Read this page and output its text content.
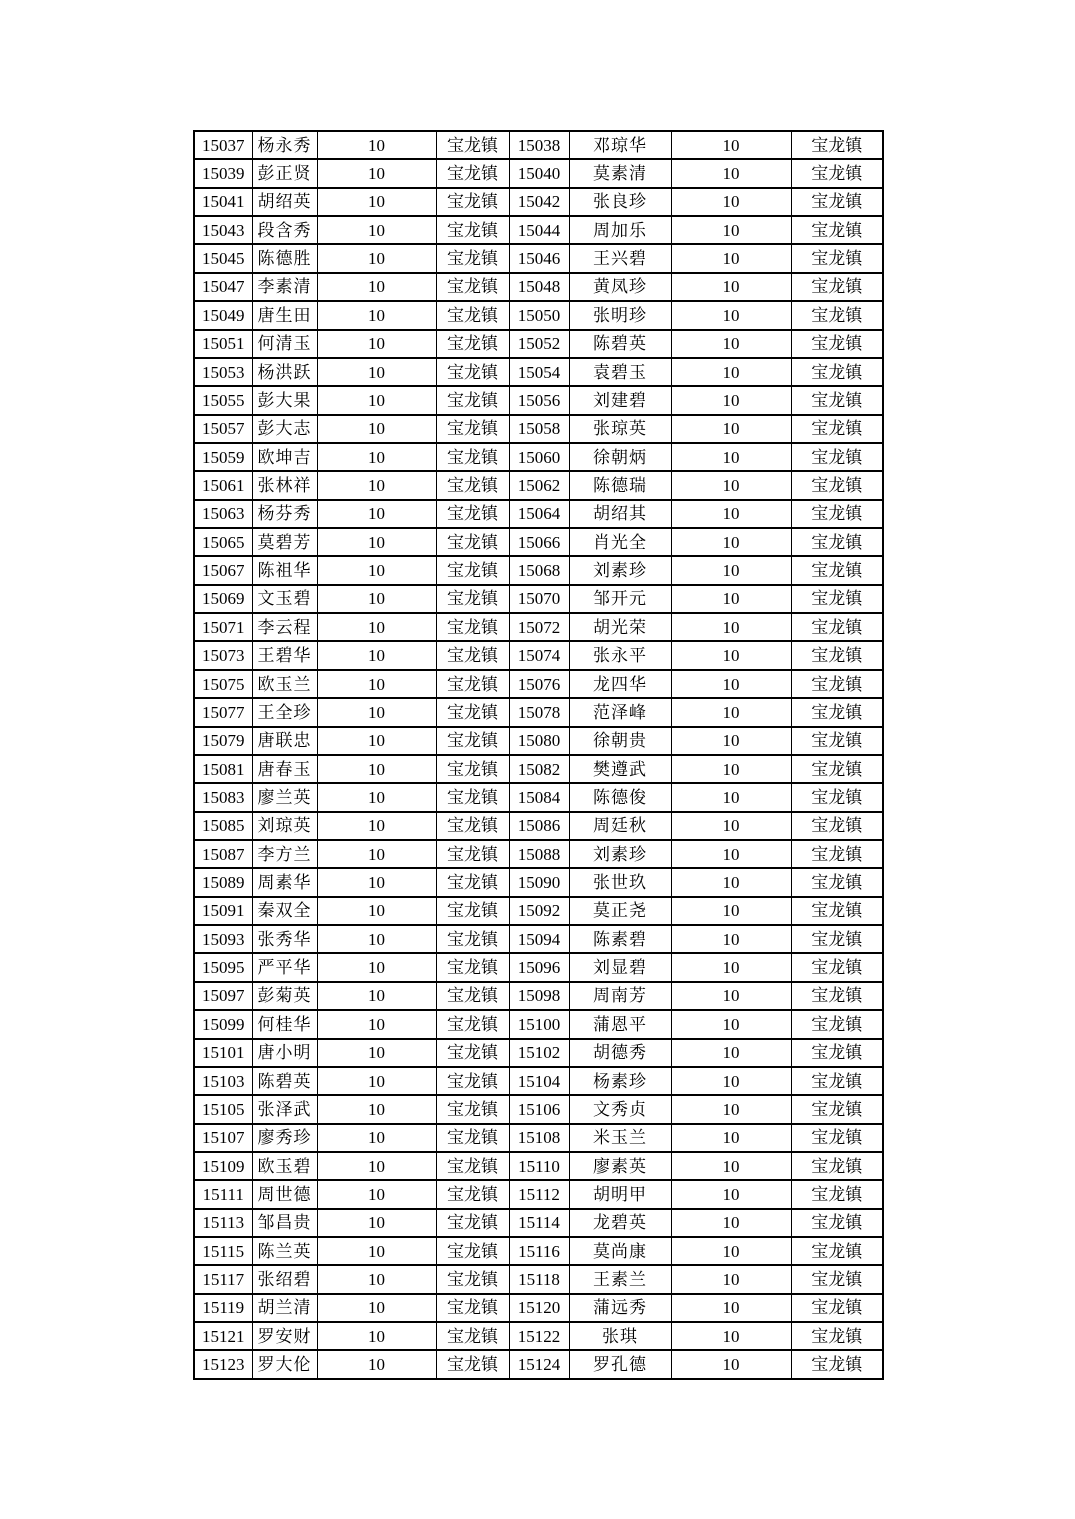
15037	杨永秀	10	宝龙镇	15038	邓琼华	10	宝龙镇
15039	彭正贤	10	宝龙镇	15040	莫素清	10	宝龙镇
15041	胡绍英	10	宝龙镇	15042	张良珍	10	宝龙镇
15043	段含秀	10	宝龙镇	15044	周加乐	10	宝龙镇
15045	陈德胜	10	宝龙镇	15046	王兴碧	10	宝龙镇
15047	李素清	10	宝龙镇	15048	黄凤珍	10	宝龙镇
15049	唐生田	10	宝龙镇	15050	张明珍	10	宝龙镇
15051	何清玉	10	宝龙镇	15052	陈碧英	10	宝龙镇
15053	杨洪跃	10	宝龙镇	15054	袁碧玉	10	宝龙镇
15055	彭大果	10	宝龙镇	15056	刘建碧	10	宝龙镇
15057	彭大志	10	宝龙镇	15058	张琼英	10	宝龙镇
15059	欧坤吉	10	宝龙镇	15060	徐朝炳	10	宝龙镇
15061	张林祥	10	宝龙镇	15062	陈德瑞	10	宝龙镇
15063	杨芬秀	10	宝龙镇	15064	胡绍其	10	宝龙镇
15065	莫碧芳	10	宝龙镇	15066	肖光全	10	宝龙镇
15067	陈祖华	10	宝龙镇	15068	刘素珍	10	宝龙镇
15069	文玉碧	10	宝龙镇	15070	邹开元	10	宝龙镇
15071	李云程	10	宝龙镇	15072	胡光荣	10	宝龙镇
15073	王碧华	10	宝龙镇	15074	张永平	10	宝龙镇
15075	欧玉兰	10	宝龙镇	15076	龙四华	10	宝龙镇
15077	王全珍	10	宝龙镇	15078	范泽峰	10	宝龙镇
15079	唐联忠	10	宝龙镇	15080	徐朝贵	10	宝龙镇
15081	唐春玉	10	宝龙镇	15082	樊遵武	10	宝龙镇
15083	廖兰英	10	宝龙镇	15084	陈德俊	10	宝龙镇
15085	刘琼英	10	宝龙镇	15086	周廷秋	10	宝龙镇
15087	李方兰	10	宝龙镇	15088	刘素珍	10	宝龙镇
15089	周素华	10	宝龙镇	15090	张世玖	10	宝龙镇
15091	秦双全	10	宝龙镇	15092	莫正尧	10	宝龙镇
15093	张秀华	10	宝龙镇	15094	陈素碧	10	宝龙镇
15095	严平华	10	宝龙镇	15096	刘显碧	10	宝龙镇
15097	彭菊英	10	宝龙镇	15098	周南芳	10	宝龙镇
15099	何桂华	10	宝龙镇	15100	蒲恩平	10	宝龙镇
15101	唐小明	10	宝龙镇	15102	胡德秀	10	宝龙镇
15103	陈碧英	10	宝龙镇	15104	杨素珍	10	宝龙镇
15105	张泽武	10	宝龙镇	15106	文秀贞	10	宝龙镇
15107	廖秀珍	10	宝龙镇	15108	米玉兰	10	宝龙镇
15109	欧玉碧	10	宝龙镇	15110	廖素英	10	宝龙镇
15111	周世德	10	宝龙镇	15112	胡明甲	10	宝龙镇
15113	邹昌贵	10	宝龙镇	15114	龙碧英	10	宝龙镇
15115	陈兰英	10	宝龙镇	15116	莫尚康	10	宝龙镇
15117	张绍碧	10	宝龙镇	15118	王素兰	10	宝龙镇
15119	胡兰清	10	宝龙镇	15120	蒲远秀	10	宝龙镇
15121	罗安财	10	宝龙镇	15122	张琪	10	宝龙镇
15123	罗大伦	10	宝龙镇	15124	罗孔德	10	宝龙镇
